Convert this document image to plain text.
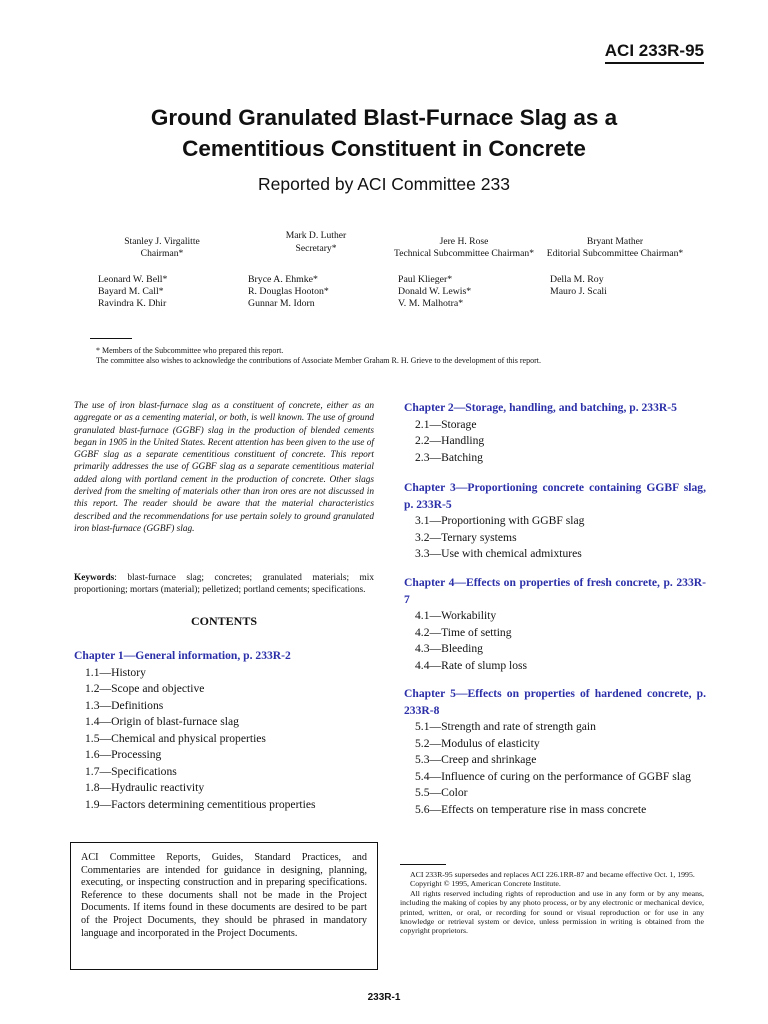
ACI 233R-95
Ground Granulated Blast-Furnace Slag as a
Cementitious Constituent in Concrete
Reported by ACI Committee 233
Stanley J. Virgalitte
Chairman*
Mark D. Luther
Secretary*
Jere H. Rose
Technical Subcommittee Chairman*
Bryant Mather
Editorial Subcommittee Chairman*
Leonard W. Bell*
Bayard M. Call*
Ravindra K. Dhir
Bryce A. Ehmke*
R. Douglas Hooton*
Gunnar M. Idorn
Paul Klieger*
Donald W. Lewis*
V. M. Malhotra*
Della M. Roy
Mauro J. Scali
* Members of the Subcommittee who prepared this report.
The committee also wishes to acknowledge the contributions of Associate Member Graham R. H. Grieve to the development of this report.
The use of iron blast-furnace slag as a constituent of concrete, either as an aggregate or as a cementing material, or both, is well known. The use of ground granulated blast-furnace (GGBF) slag in the production of blended cements began in 1905 in the United States. Recent attention has been given to the use of GGBF slag as a separate cementitious constituent of concrete. This report primarily addresses the use of GGBF slag as a separate cementitious material added along with portland cement in the production of concrete. Other slags derived from the smelting of materials other than iron ores are not discussed in this report. The reader should be aware that the material characteristics described and the recommendations for use pertain solely to ground granulated iron blast-furnace (GGBF) slag.
Keywords: blast-furnace slag; concretes; granulated materials; mix proportioning; mortars (material); pelletized; portland cements; specifications.
CONTENTS
Chapter 1—General information, p. 233R-2
1.1—History
1.2—Scope and objective
1.3—Definitions
1.4—Origin of blast-furnace slag
1.5—Chemical and physical properties
1.6—Processing
1.7—Specifications
1.8—Hydraulic reactivity
1.9—Factors determining cementitious properties
ACI Committee Reports, Guides, Standard Practices, and Commentaries are intended for guidance in designing, planning, executing, or inspecting construction and in preparing specifications. Reference to these documents shall not be made in the Project Documents. If items found in these documents are desired to be part of the Project Documents, they should be phrased in mandatory language and incorporated in the Project Documents.
Chapter 2—Storage, handling, and batching, p. 233R-5
2.1—Storage
2.2—Handling
2.3—Batching
Chapter 3—Proportioning concrete containing GGBF slag, p. 233R-5
3.1—Proportioning with GGBF slag
3.2—Ternary systems
3.3—Use with chemical admixtures
Chapter 4—Effects on properties of fresh concrete, p. 233R-7
4.1—Workability
4.2—Time of setting
4.3—Bleeding
4.4—Rate of slump loss
Chapter 5—Effects on properties of hardened concrete, p. 233R-8
5.1—Strength and rate of strength gain
5.2—Modulus of elasticity
5.3—Creep and shrinkage
5.4—Influence of curing on the performance of GGBF slag
5.5—Color
5.6—Effects on temperature rise in mass concrete

ACI 233R-95 supersedes and replaces ACI 226.1RR-87 and became effective Oct. 1, 1995.

Copyright © 1995, American Concrete Institute.

All rights reserved including rights of reproduction and use in any form or by any means, including the making of copies by any photo process, or by any electronic or mechanical device, printed, written, or oral, or recording for sound or visual reproduction or for use in any knowledge or retrieval system or device, unless permission in writing is obtained from the copyright proprietors.

233R-1
